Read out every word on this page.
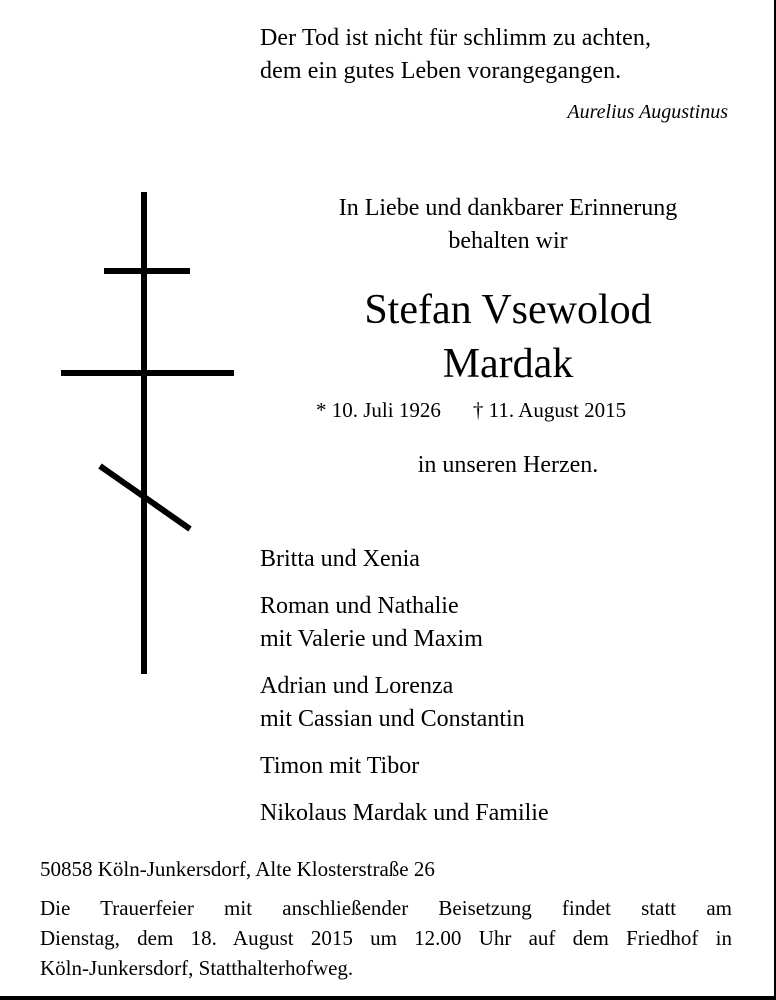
Der Tod ist nicht für schlimm zu achten,
dem ein gutes Leben vorangegangen.
Aurelius Augustinus
In Liebe und dankbarer Erinnerung
behalten wir
Stefan Vsewolod
Mardak
* 10. Juli 1926 † 11. August 2015
in unseren Herzen.
Britta und Xenia
Roman und Nathalie
mit Valerie und Maxim
Adrian und Lorenza
mit Cassian und Constantin
Timon mit Tibor
Nikolaus Mardak und Familie
50858 Köln-Junkersdorf, Alte Klosterstraße 26
Die Trauerfeier mit anschließender Beisetzung findet statt am
Dienstag, dem 18. August 2015 um 12.00 Uhr auf dem Friedhof in
Köln-Junkersdorf, Statthalterhofweg.
